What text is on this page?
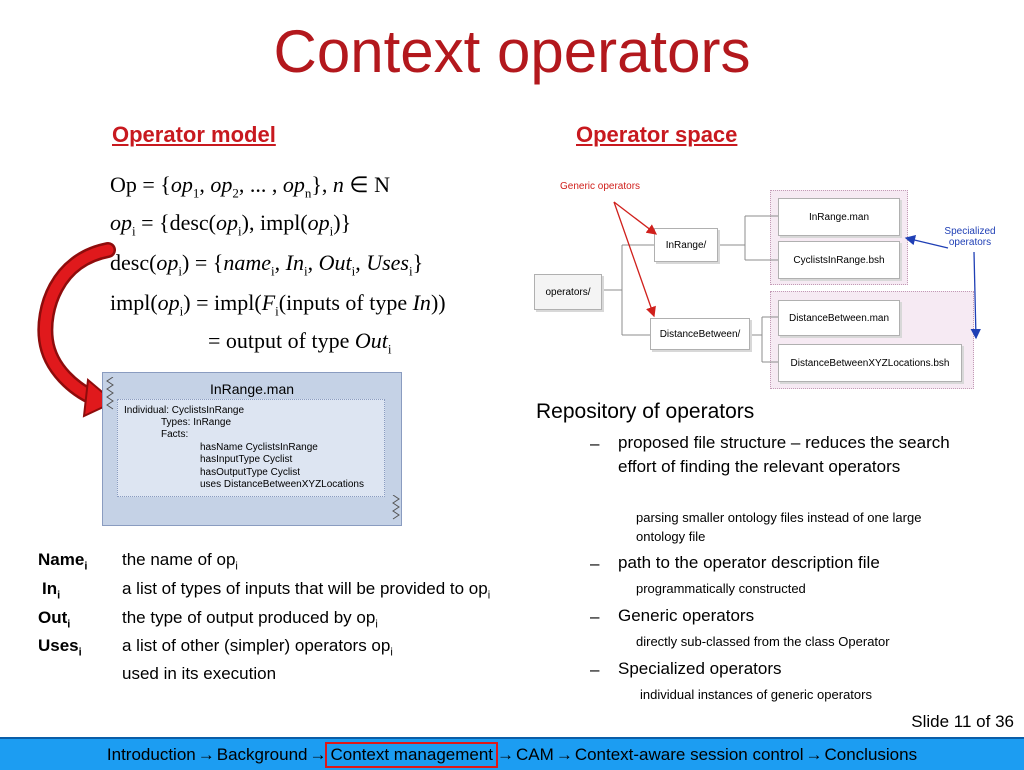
Context operators
Operator model	Operator space
$Op = \{op_1$, $op_2$, ... , $op_n$}, n ∈ N
$op_i$ = {$desc(op_i)$, $impl(op_i)$}
$desc(op_i)$ = {name$_i$, $In_i$, Out$_i$, Uses$_i$}
$impl(op_i)$ = $impl(F_i(inputs$ of type In))
= output of type Out$_i$
InRange.man
Individual: CyclistsInRange
Types: InRange
Facts:
hasName CyclistsInRange
hasInputType Cyclist
hasOutputType Cyclist
uses DistanceBetweenXYZLocations
Name$_i$ the name of $op_i$
$In_i$	a list of types of inputs that will be provided to $op_i$
Out$_i$	the type of output produced by $op_i$
Uses$_i$ a list of other (simpler) operators $op_i$
used in its execution
operators/
InRange/
DistanceBetween/
InRange.man
CyclistsInRange.bsh
DistanceBetween.man
DistanceBetweenXYZLocations.bsh
Generic operators
Specialized operators
Repository of operators
– proposed file structure – reduces the search effort of finding the relevant operators
parsing smaller ontology files instead of one large ontology file
– path to the operator description file
programmatically constructed
– Generic operators
directly sub-classed from the class Operator
– Specialized operators
individual instances of generic operators
Slide 11 of 36
Introduction → Background → Context management → CAM → Context-aware session control → Conclusions
